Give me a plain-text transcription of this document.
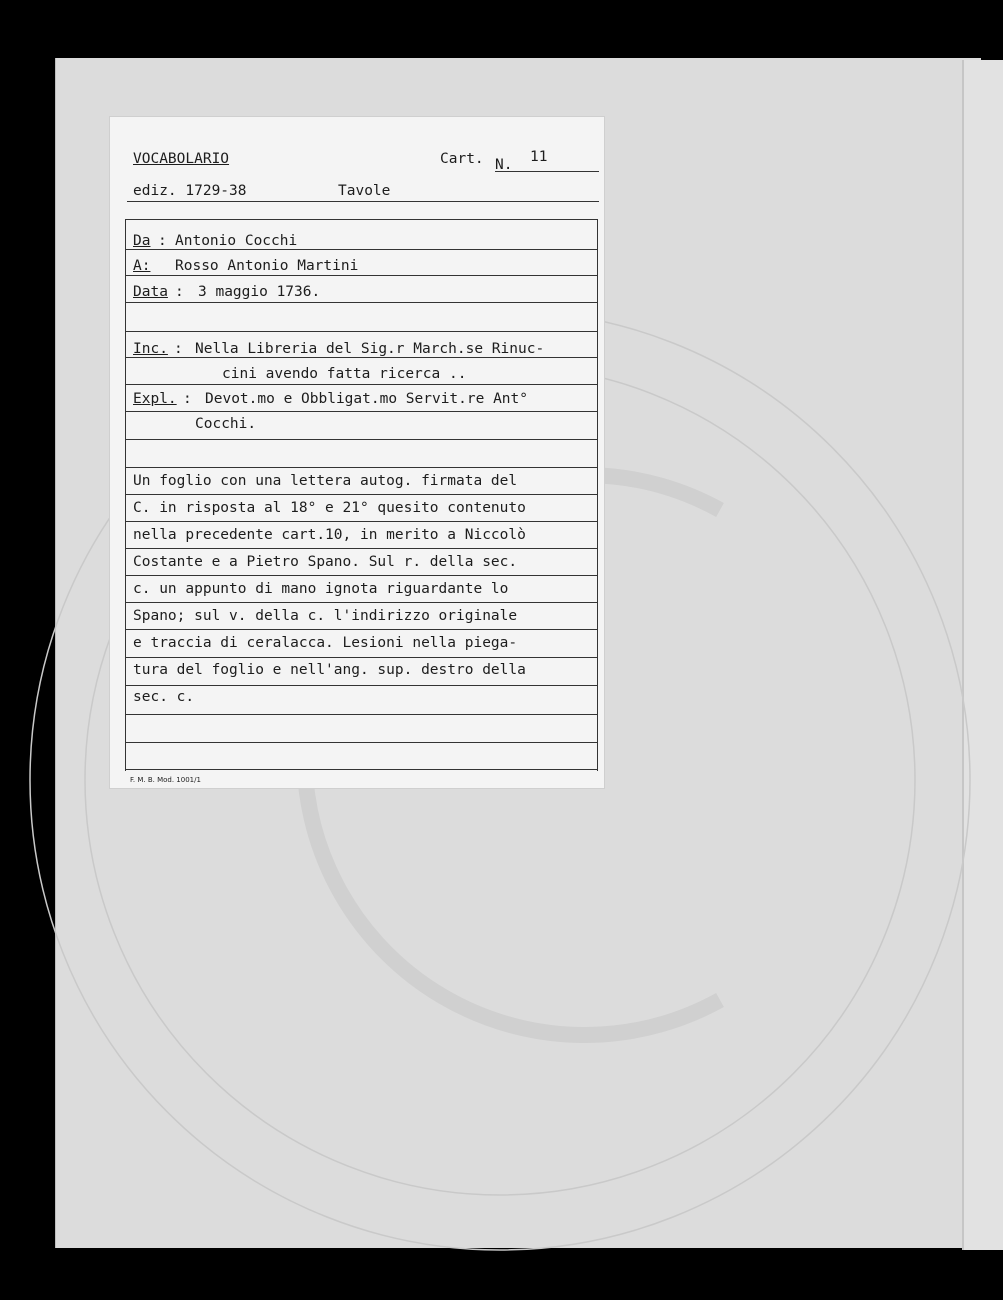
VOCABOLARIO	Cart. N. 11
ediz. 1729-38	Tavole
Da : Antonio Cocchi
A: Rosso Antonio Martini
Data : 3 maggio 1736.
Inc. : Nella Libreria del Sig.r March.se Rinuc-
cini avendo fatta ricerca ..
Expl. : Devot.mo e Obbligat.mo Servit.re Ant°
Cocchi.
Un foglio con una lettera autog. firmata del
C. in risposta al 18° e 21° quesito contenuto
nella precedente cart.10, in merito a Niccolò
Costante e a Pietro Spano. Sul r. della sec.
c. un appunto di mano ignota riguardante lo
Spano; sul v. della c. l'indirizzo originale
e traccia di ceralacca. Lesioni nella piega-
tura del foglio e nell'ang. sup. destro della
sec. c.
F. M. B. Mod. 1001/1
